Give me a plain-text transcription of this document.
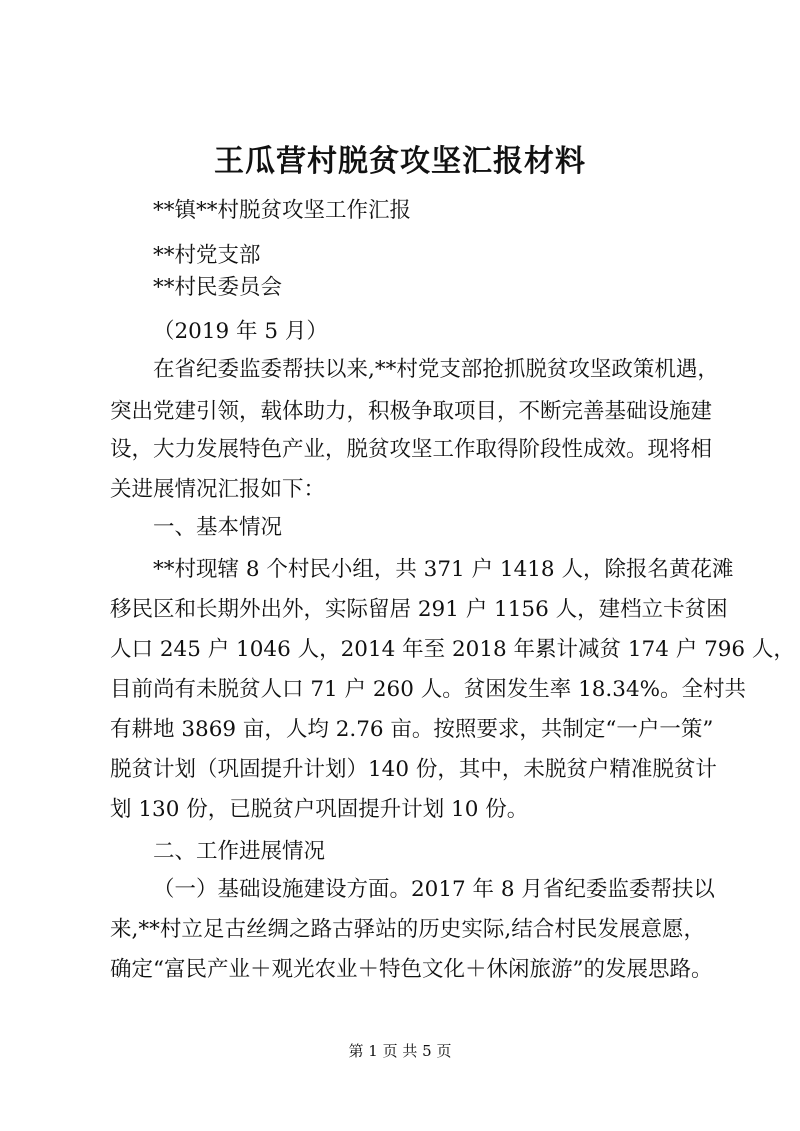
王瓜营村脱贫攻坚汇报材料
**镇**村脱贫攻坚工作汇报
**村党支部
**村民委员会
（2019 年 5 月）
在省纪委监委帮扶以来,**村党支部抢抓脱贫攻坚政策机遇，
突出党建引领，载体助力，积极争取项目，不断完善基础设施建
设，大力发展特色产业，脱贫攻坚工作取得阶段性成效。现将相
关进展情况汇报如下：
一、基本情况
**村现辖 8 个村民小组，共 371 户 1418 人，除报名黄花滩
移民区和长期外出外，实际留居 291 户 1156 人，建档立卡贫困
人口 245 户 1046 人，2014 年至 2018 年累计减贫 174 户 796 人，
目前尚有未脱贫人口 71 户 260 人。贫困发生率 18.34%。全村共
有耕地 3869 亩，人均 2.76 亩。按照要求，共制定“一户一策”
脱贫计划（巩固提升计划）140 份，其中，未脱贫户精准脱贫计
划 130 份，已脱贫户巩固提升计划 10 份。
二、工作进展情况
（一）基础设施建设方面。2017 年 8 月省纪委监委帮扶以
来,**村立足古丝绸之路古驿站的历史实际,结合村民发展意愿，
确定“富民产业＋观光农业＋特色文化＋休闲旅游”的发展思路。
第 1 页 共 5 页
